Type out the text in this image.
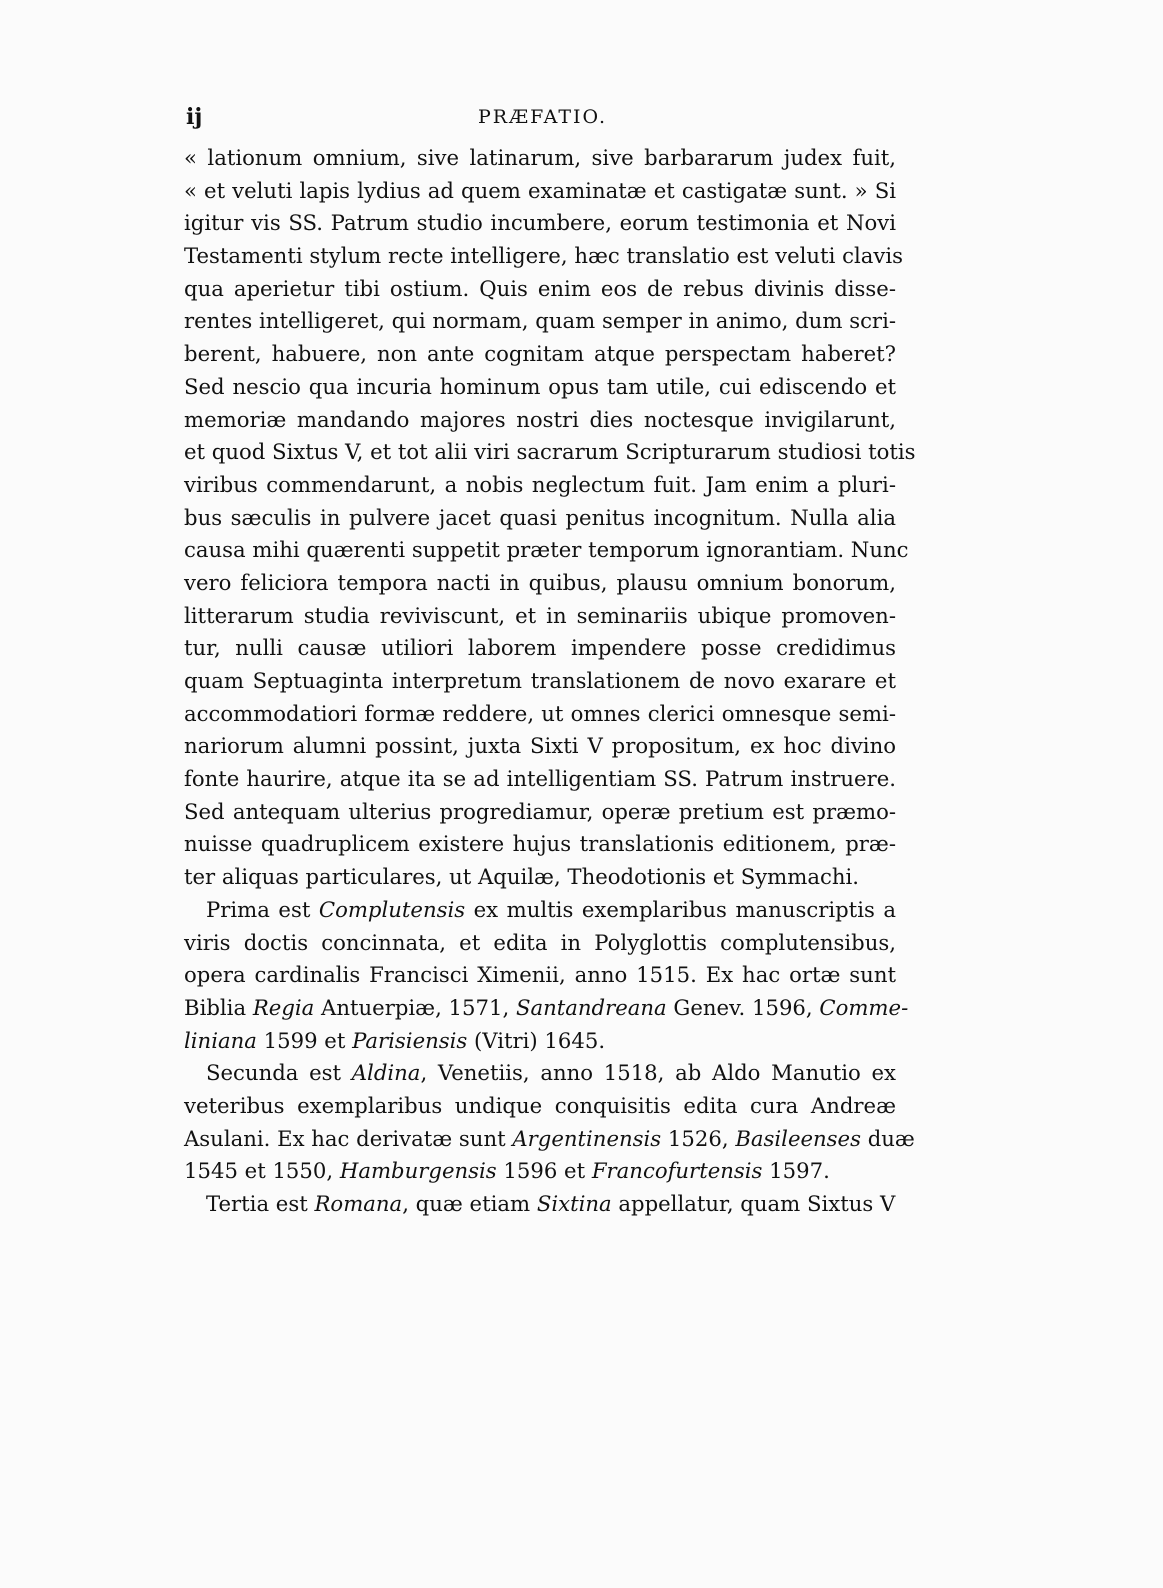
ij	PRÆFATIO.
« lationum omnium, sive latinarum, sive barbararum judex fuit,
« et veluti lapis lydius ad quem examinatæ et castigatæ sunt. » Si
igitur vis SS. Patrum studio incumbere, eorum testimonia et Novi
Testamenti stylum recte intelligere, hæc translatio est veluti clavis
qua aperietur tibi ostium. Quis enim eos de rebus divinis disse-
rentes intelligeret, qui normam, quam semper in animo, dum scri-
berent, habuere, non ante cognitam atque perspectam haberet?
Sed nescio qua incuria hominum opus tam utile, cui ediscendo et
memoriæ mandando majores nostri dies noctesque invigilarunt,
et quod Sixtus V, et tot alii viri sacrarum Scripturarum studiosi totis
viribus commendarunt, a nobis neglectum fuit. Jam enim a pluri-
bus sæculis in pulvere jacet quasi penitus incognitum. Nulla alia
causa mihi quærenti suppetit præter temporum ignorantiam. Nunc
vero feliciora tempora nacti in quibus, plausu omnium bonorum,
litterarum studia reviviscunt, et in seminariis ubique promoven-
tur, nulli causæ utiliori laborem impendere posse credidimus
quam Septuaginta interpretum translationem de novo exarare et
accommodatiori formæ reddere, ut omnes clerici omnesque semi-
nariorum alumni possint, juxta Sixti V propositum, ex hoc divino
fonte haurire, atque ita se ad intelligentiam SS. Patrum instruere.
Sed antequam ulterius progrediamur, operæ pretium est præmo-
nuisse quadruplicem existere hujus translationis editionem, præ-
ter aliquas particulares, ut Aquilæ, Theodotionis et Symmachi.
Prima est Complutensis ex multis exemplaribus manuscriptis a
viris doctis concinnata, et edita in Polyglottis complutensibus,
opera cardinalis Francisci Ximenii, anno 1515. Ex hac ortæ sunt
Biblia Regia Antuerpiæ, 1571, Santandreana Genev. 1596, Comme-
liniana 1599 et Parisiensis (Vitri) 1645.
Secunda est Aldina, Venetiis, anno 1518, ab Aldo Manutio ex
veteribus exemplaribus undique conquisitis edita cura Andreæ
Asulani. Ex hac derivatæ sunt Argentinensis 1526, Basileenses duæ
1545 et 1550, Hamburgensis 1596 et Francofurtensis 1597.
Tertia est Romana, quæ etiam Sixtina appellatur, quam Sixtus V
